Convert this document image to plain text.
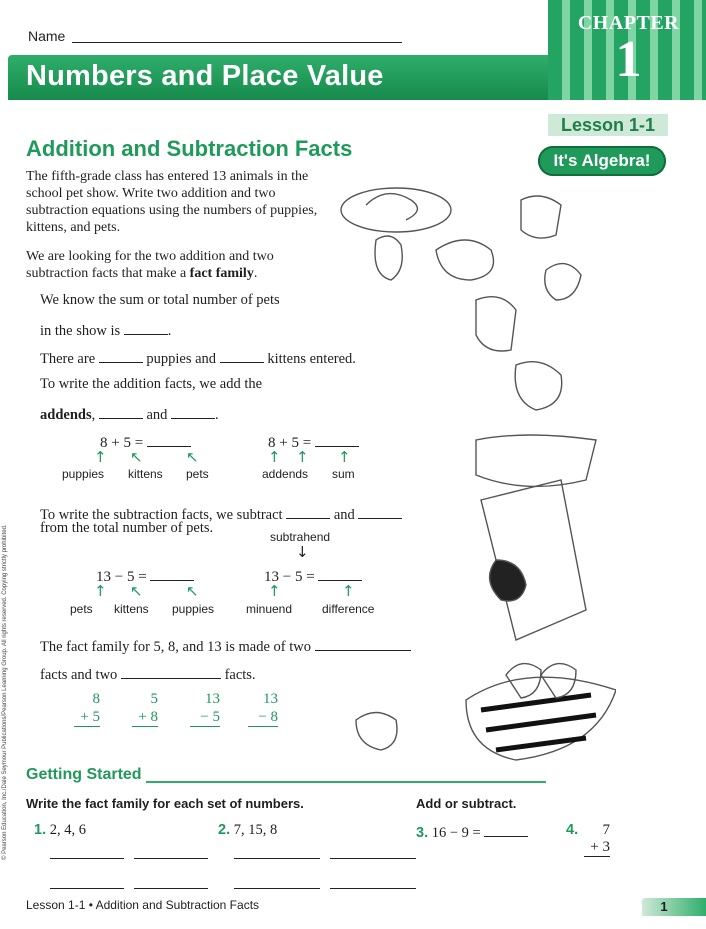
CHAPTER
1
Numbers and Place Value
Name
Lesson 1-1
It's Algebra!
Addition and Subtraction Facts
The fifth-grade class has entered 13 animals in the school pet show. Write two addition and two subtraction equations using the numbers of puppies, kittens, and pets.
We are looking for the two addition and two subtraction facts that make a fact family.
We know the sum or total number of pets
in the show is	.
There are	puppies and	kittens entered.
To write the addition facts, we add the
addends,	and	.
8 + 5 =
↑ ↖	↖
puppies kittens pets
8 + 5 =
↑ ↑ ↑
addends sum
To write the subtraction facts, we subtract	and
from the total number of pets.
subtrahend
↓
13 − 5 =
↑ ↖	↖
pets kittens puppies
13 − 5 =
↑	↑
minuend difference
The fact family for 5, 8, and 13 is made of two
facts and two	facts.
8
+ 5
5
+ 8
13
− 5
13
− 8
Getting Started
Write the fact family for each set of numbers.	Add or subtract.
1. 2, 4, 6	2. 7, 15, 8	3. 16 − 9 =	4.	7
+ 3
Lesson 1-1 • Addition and Subtraction Facts	1
© Pearson Education, Inc./Dale Seymour Publications/Pearson Learning Group. All rights reserved. Copying strictly prohibited.
